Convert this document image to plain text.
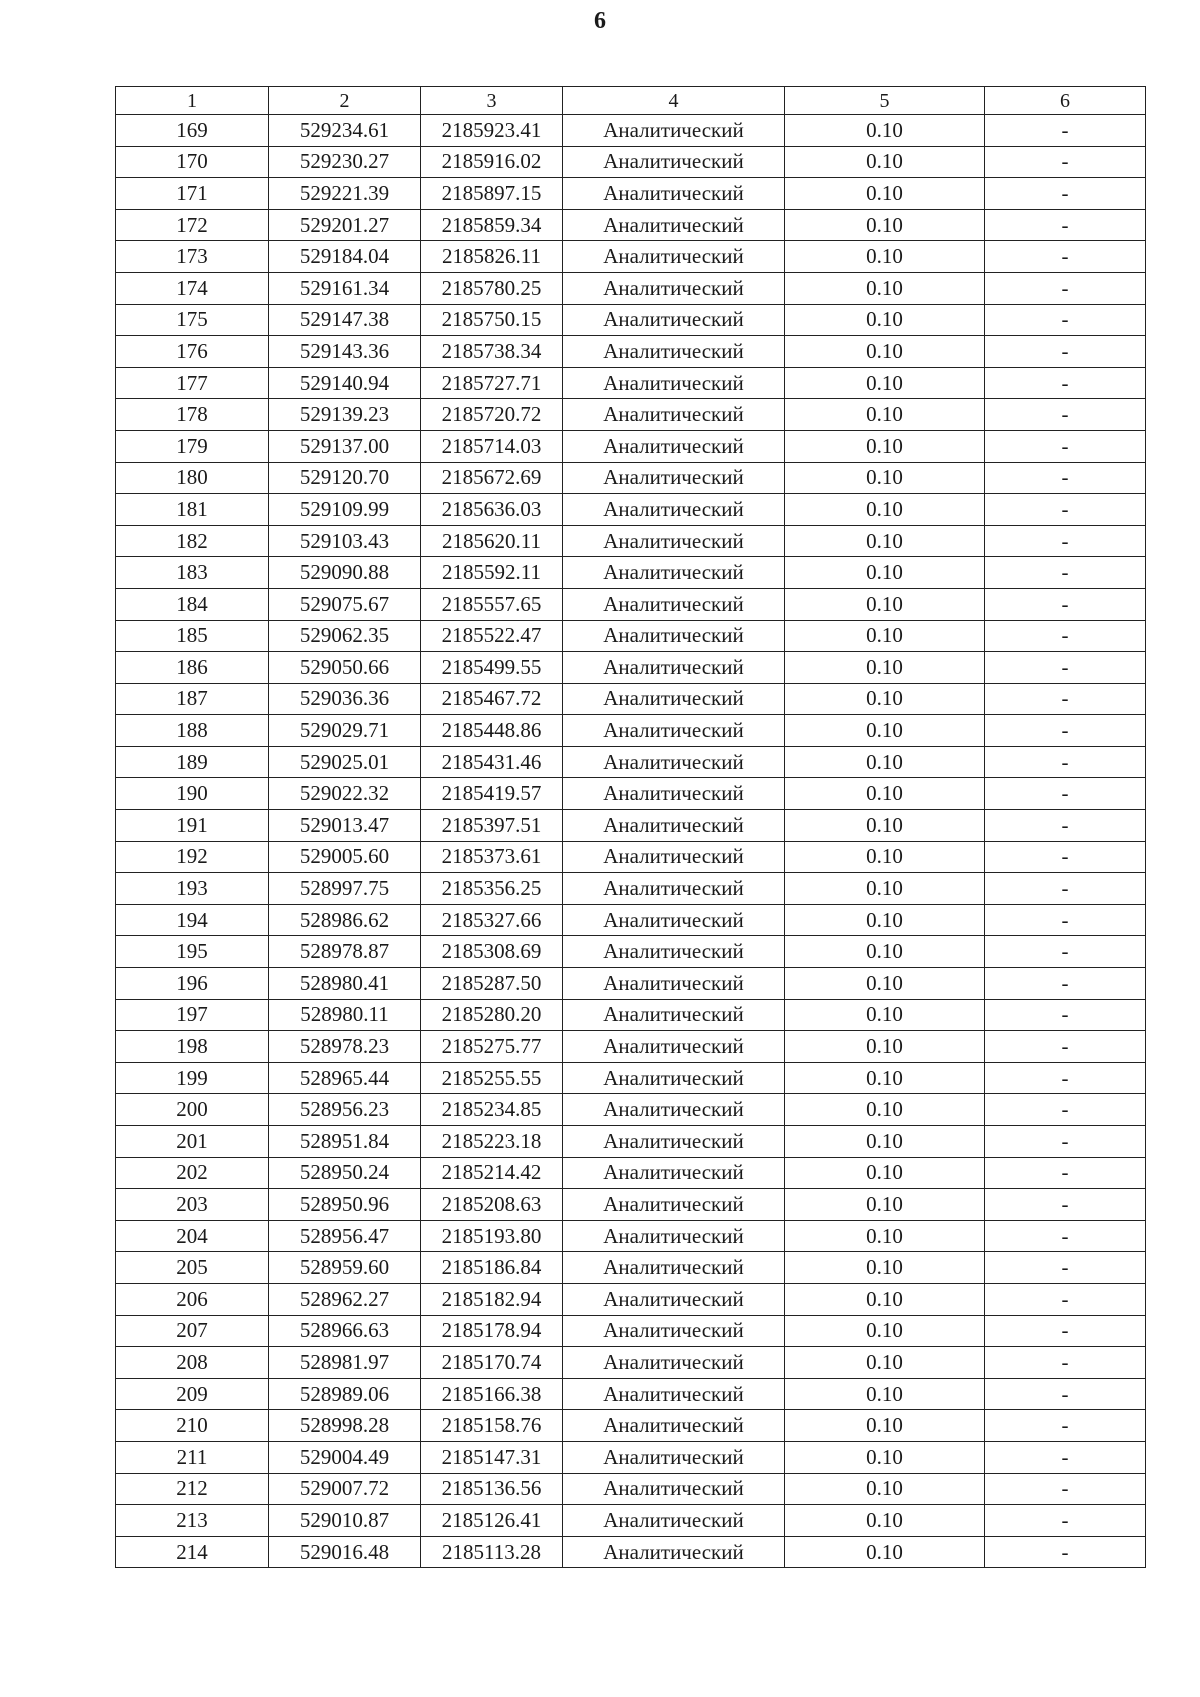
6
1	2	3	4	5	6
169	529234.61	2185923.41	Аналитический	0.10	-
170	529230.27	2185916.02	Аналитический	0.10	-
171	529221.39	2185897.15	Аналитический	0.10	-
172	529201.27	2185859.34	Аналитический	0.10	-
173	529184.04	2185826.11	Аналитический	0.10	-
174	529161.34	2185780.25	Аналитический	0.10	-
175	529147.38	2185750.15	Аналитический	0.10	-
176	529143.36	2185738.34	Аналитический	0.10	-
177	529140.94	2185727.71	Аналитический	0.10	-
178	529139.23	2185720.72	Аналитический	0.10	-
179	529137.00	2185714.03	Аналитический	0.10	-
180	529120.70	2185672.69	Аналитический	0.10	-
181	529109.99	2185636.03	Аналитический	0.10	-
182	529103.43	2185620.11	Аналитический	0.10	-
183	529090.88	2185592.11	Аналитический	0.10	-
184	529075.67	2185557.65	Аналитический	0.10	-
185	529062.35	2185522.47	Аналитический	0.10	-
186	529050.66	2185499.55	Аналитический	0.10	-
187	529036.36	2185467.72	Аналитический	0.10	-
188	529029.71	2185448.86	Аналитический	0.10	-
189	529025.01	2185431.46	Аналитический	0.10	-
190	529022.32	2185419.57	Аналитический	0.10	-
191	529013.47	2185397.51	Аналитический	0.10	-
192	529005.60	2185373.61	Аналитический	0.10	-
193	528997.75	2185356.25	Аналитический	0.10	-
194	528986.62	2185327.66	Аналитический	0.10	-
195	528978.87	2185308.69	Аналитический	0.10	-
196	528980.41	2185287.50	Аналитический	0.10	-
197	528980.11	2185280.20	Аналитический	0.10	-
198	528978.23	2185275.77	Аналитический	0.10	-
199	528965.44	2185255.55	Аналитический	0.10	-
200	528956.23	2185234.85	Аналитический	0.10	-
201	528951.84	2185223.18	Аналитический	0.10	-
202	528950.24	2185214.42	Аналитический	0.10	-
203	528950.96	2185208.63	Аналитический	0.10	-
204	528956.47	2185193.80	Аналитический	0.10	-
205	528959.60	2185186.84	Аналитический	0.10	-
206	528962.27	2185182.94	Аналитический	0.10	-
207	528966.63	2185178.94	Аналитический	0.10	-
208	528981.97	2185170.74	Аналитический	0.10	-
209	528989.06	2185166.38	Аналитический	0.10	-
210	528998.28	2185158.76	Аналитический	0.10	-
211	529004.49	2185147.31	Аналитический	0.10	-
212	529007.72	2185136.56	Аналитический	0.10	-
213	529010.87	2185126.41	Аналитический	0.10	-
214	529016.48	2185113.28	Аналитический	0.10	-
